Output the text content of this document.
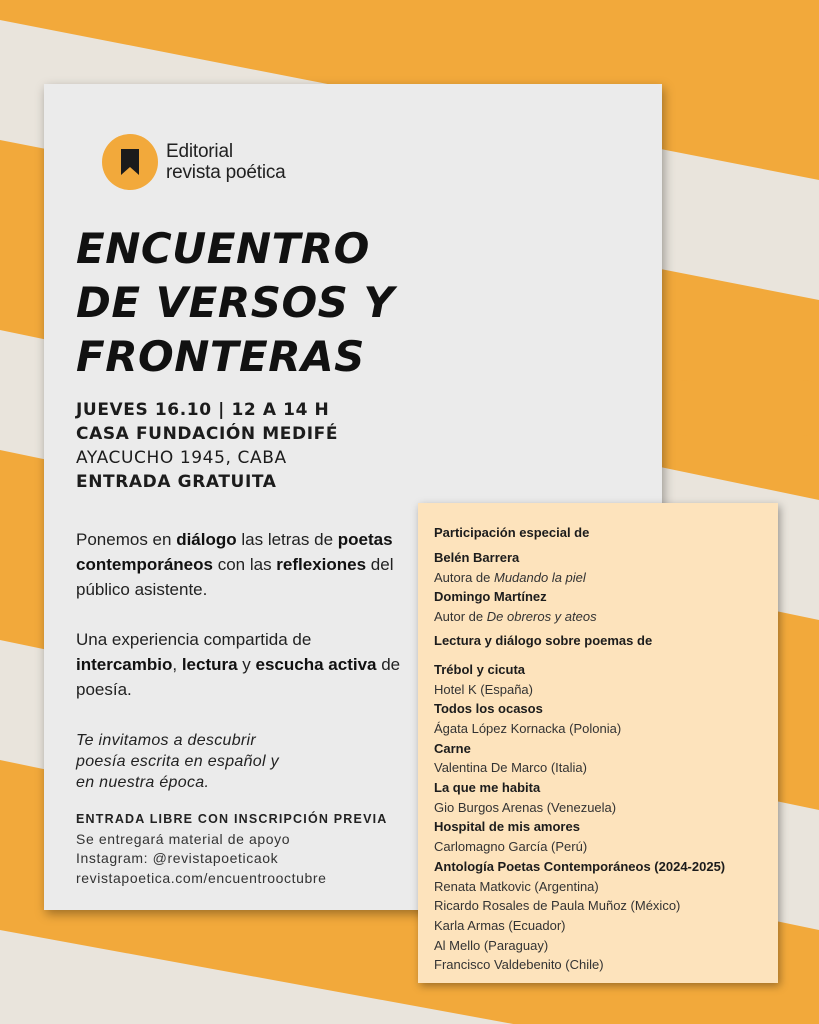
Editorial
revista poética
ENCUENTRO
DE VERSOS Y
FRONTERAS
JUEVES 16.10 | 12 A 14 H
CASA FUNDACIÓN MEDIFÉ
AYACUCHO 1945, CABA
ENTRADA GRATUITA

Ponemos en diálogo las letras de poetas contemporáneos con las reflexiones del público asistente.

Una experiencia compartida de intercambio, lectura y escucha activa de poesía.

Te invitamos a descubrir
poesía escrita en español y
en nuestra época.

ENTRADA LIBRE CON INSCRIPCIÓN PREVIA
Se entregará material de apoyo
Instagram: @revistapoeticaok
revistapoetica.com/encuentrooctubre
Participación especial de
Belén Barrera
Autora de Mudando la piel
Domingo Martínez
Autor de De obreros y ateos
Lectura y diálogo sobre poemas de
Trébol y cicuta
Hotel K (España)
Todos los ocasos
Ágata López Kornacka (Polonia)
Carne
Valentina De Marco (Italia)
La que me habita
Gio Burgos Arenas (Venezuela)
Hospital de mis amores
Carlomagno García (Perú)
Antología Poetas Contemporáneos (2024-2025)
Renata Matkovic (Argentina)
Ricardo Rosales de Paula Muñoz (México)
Karla Armas (Ecuador)
Al Mello (Paraguay)
Francisco Valdebenito (Chile)
